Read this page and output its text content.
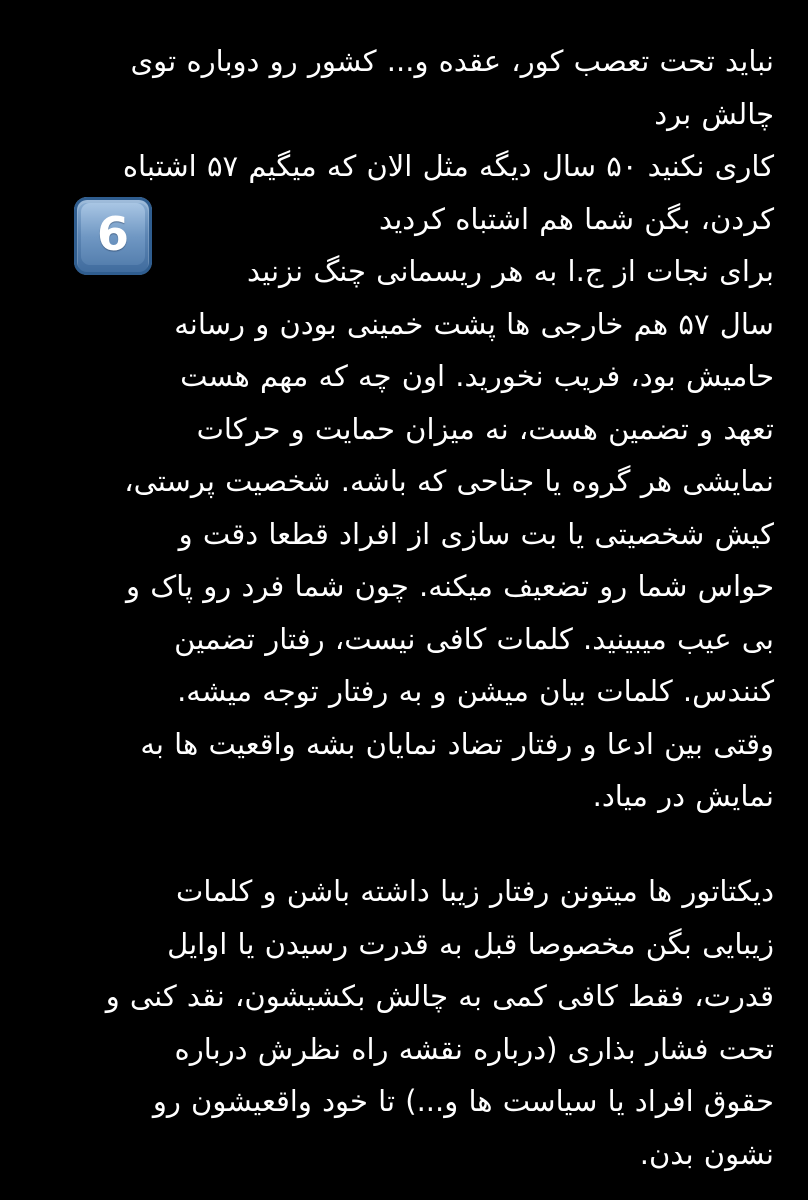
6
نباید تحت تعصب کور، عقده و... کشور رو دوباره توی
چالش برد
کاری نکنید ۵۰ سال دیگه مثل الان که میگیم ۵۷ اشتباه
کردن، بگن شما هم اشتباه کردید
برای نجات از ج.ا به هر ریسمانی چنگ نزنید
سال ۵۷ هم خارجی ها پشت خمینی بودن و رسانه
حامیش بود، فریب نخورید. اون چه که مهم هست
تعهد و تضمین هست، نه میزان حمایت و حرکات
نمایشی هر گروه یا جناحی که باشه. شخصیت پرستی،
کیش شخصیتی یا بت سازی از افراد قطعا دقت و
حواس شما رو تضعیف میکنه. چون شما فرد رو پاک و
بی عیب میبینید. کلمات کافی نیست، رفتار تضمین
کنندس. کلمات بیان میشن و به رفتار توجه میشه.
وقتی بین ادعا و رفتار تضاد نمایان بشه واقعیت ها به
نمایش در میاد.
دیکتاتور ها میتونن رفتار زیبا داشته باشن و کلمات
زیبایی بگن مخصوصا قبل به قدرت رسیدن یا اوایل
قدرت، فقط کافی کمی به چالش بکشیشون، نقد کنی و
تحت فشار بذاری (درباره نقشه راه نظرش درباره
حقوق افراد یا سیاست ها و...) تا خود واقعیشون رو
نشون بدن.
